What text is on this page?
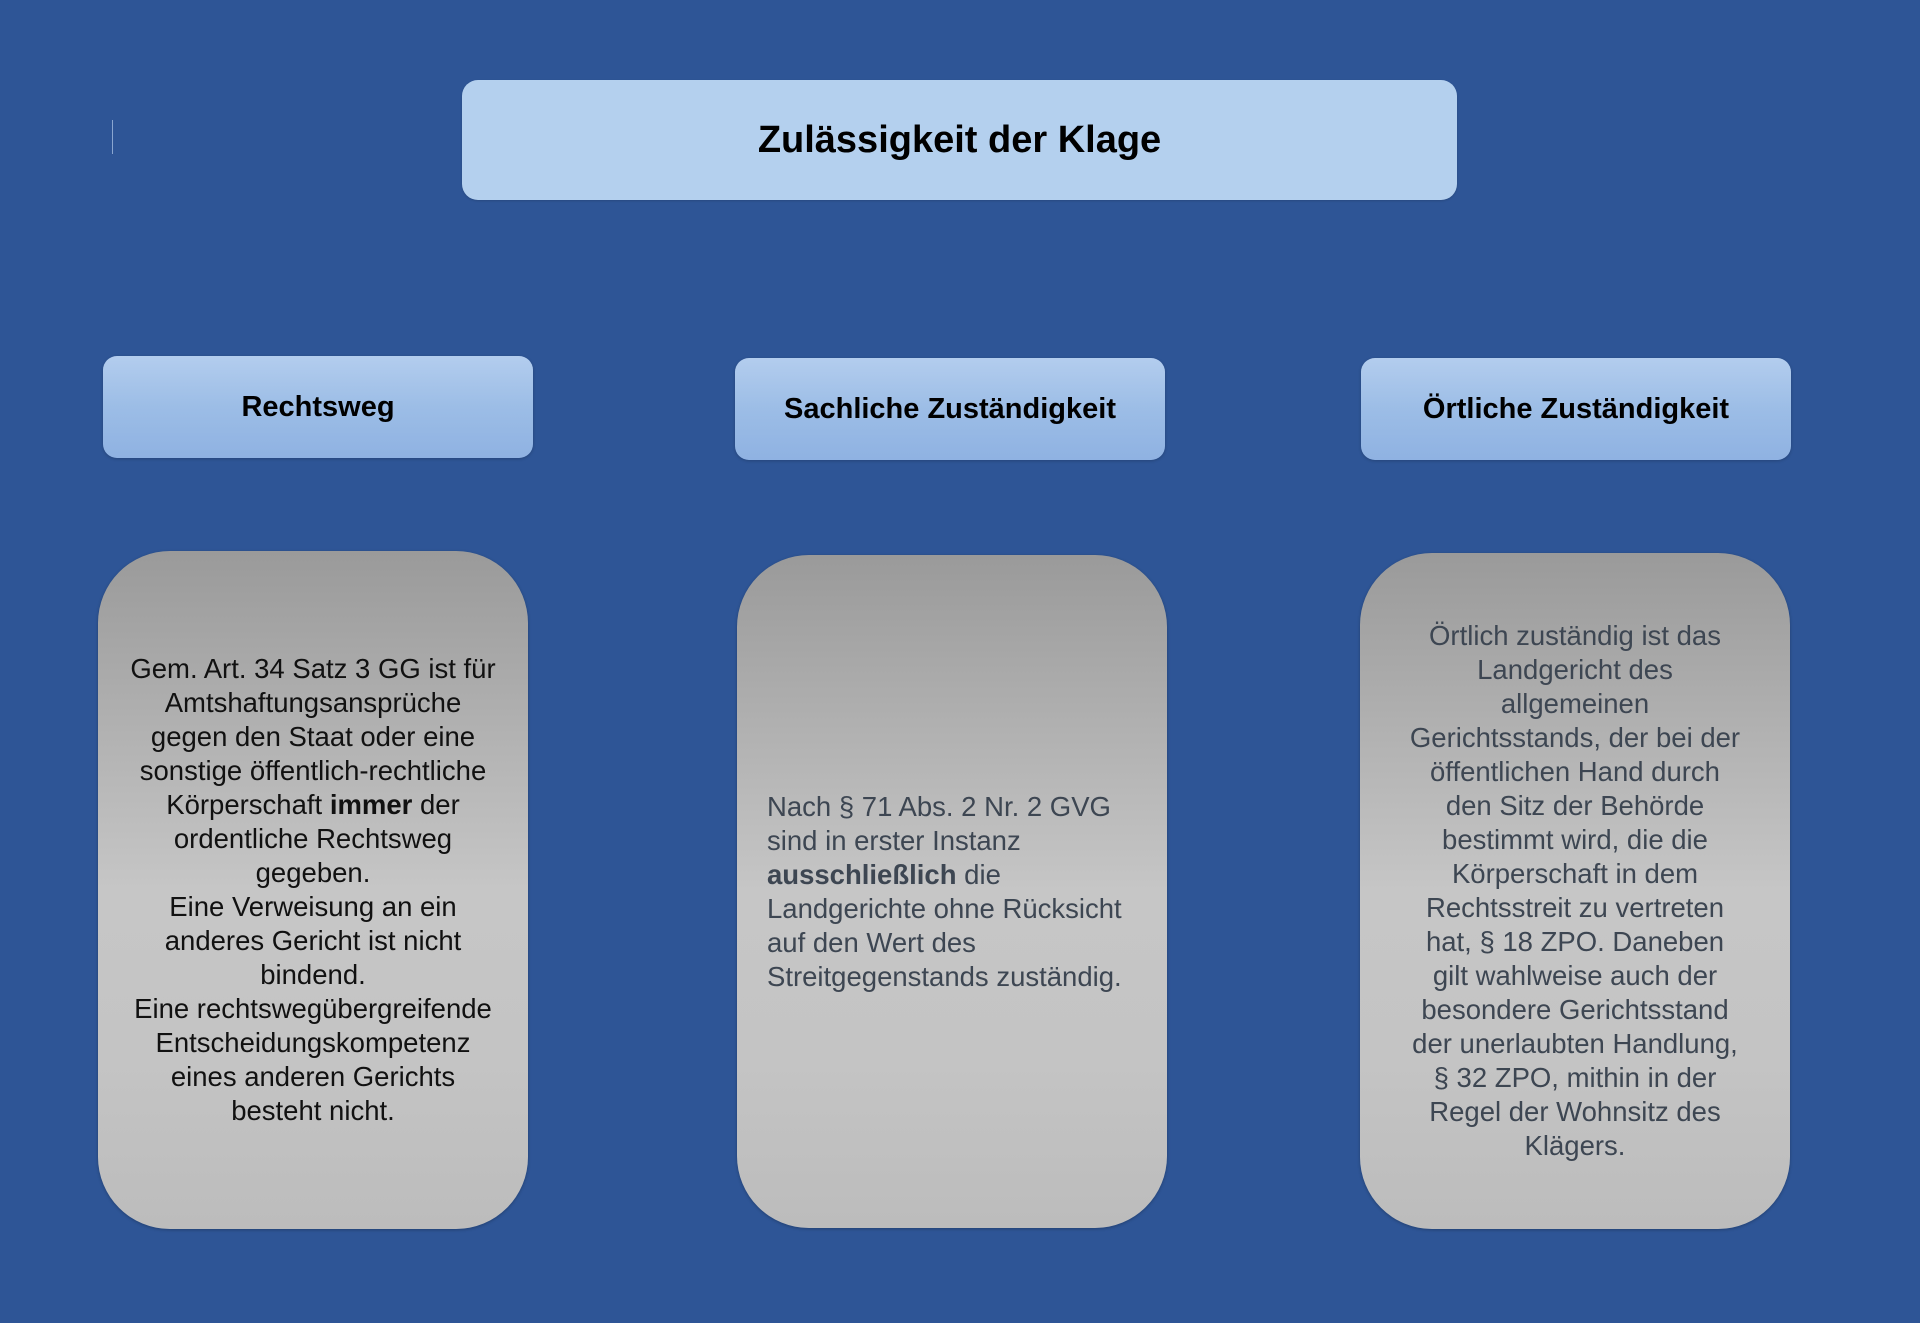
Zulässigkeit der Klage
Rechtsweg	Sachliche Zuständigkeit	Örtliche Zuständigkeit
Gem. Art. 34 Satz 3 GG ist für Amtshaftungsansprüche gegen den Staat oder eine sonstige öffentlich-rechtliche Körperschaft immer der ordentliche Rechtsweg gegeben.
Eine Verweisung an ein anderes Gericht ist nicht bindend.
Eine rechtswegübergreifende Entscheidungskompetenz eines anderen Gerichts besteht nicht.
Nach § 71 Abs. 2 Nr. 2 GVG sind in erster Instanz ausschließlich die Landgerichte ohne Rücksicht auf den Wert des Streitgegenstands zuständig.
Örtlich zuständig ist das Landgericht des allgemeinen Gerichtsstands, der bei der öffentlichen Hand durch den Sitz der Behörde bestimmt wird, die die Körperschaft in dem Rechtsstreit zu vertreten hat, § 18 ZPO. Daneben gilt wahlweise auch der besondere Gerichtsstand der unerlaubten Handlung, § 32 ZPO, mithin in der Regel der Wohnsitz des Klägers.
